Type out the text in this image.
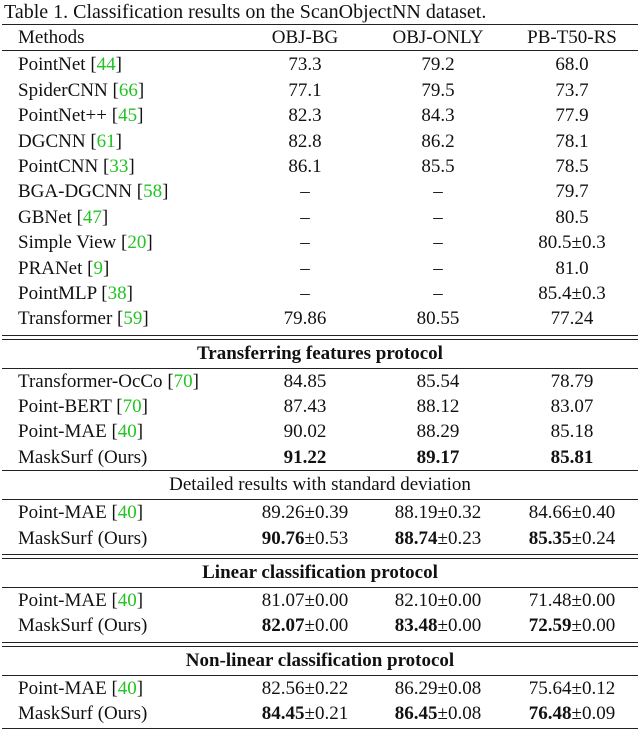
Table 1. Classification results on the ScanObjectNN dataset.
Methods	OBJ-BG	OBJ-ONLY	PB-T50-RS
PointNet [44]	73.3	79.2	68.0
SpiderCNN [66]	77.1	79.5	73.7
PointNet++ [45]	82.3	84.3	77.9
DGCNN [61]	82.8	86.2	78.1
PointCNN [33]	86.1	85.5	78.5
BGA-DGCNN [58]	–	–	79.7
GBNet [47]	–	–	80.5
Simple View [20]	–	–	80.5±0.3
PRANet [9]	–	–	81.0
PointMLP [38]	–	–	85.4±0.3
Transformer [59]	79.86	80.55	77.24
Transferring features protocol
Transformer-OcCo [70]	84.85	85.54	78.79
Point-BERT [70]	87.43	88.12	83.07
Point-MAE [40]	90.02	88.29	85.18
MaskSurf (Ours)	91.22	89.17	85.81
Detailed results with standard deviation
Point-MAE [40]	89.26±0.39	88.19±0.32	84.66±0.40
MaskSurf (Ours)	90.76±0.53	88.74±0.23	85.35±0.24
Linear classification protocol
Point-MAE [40]	81.07±0.00	82.10±0.00	71.48±0.00
MaskSurf (Ours)	82.07±0.00	83.48±0.00	72.59±0.00
Non-linear classification protocol
Point-MAE [40]	82.56±0.22	86.29±0.08	75.64±0.12
MaskSurf (Ours)	84.45±0.21	86.45±0.08	76.48±0.09
